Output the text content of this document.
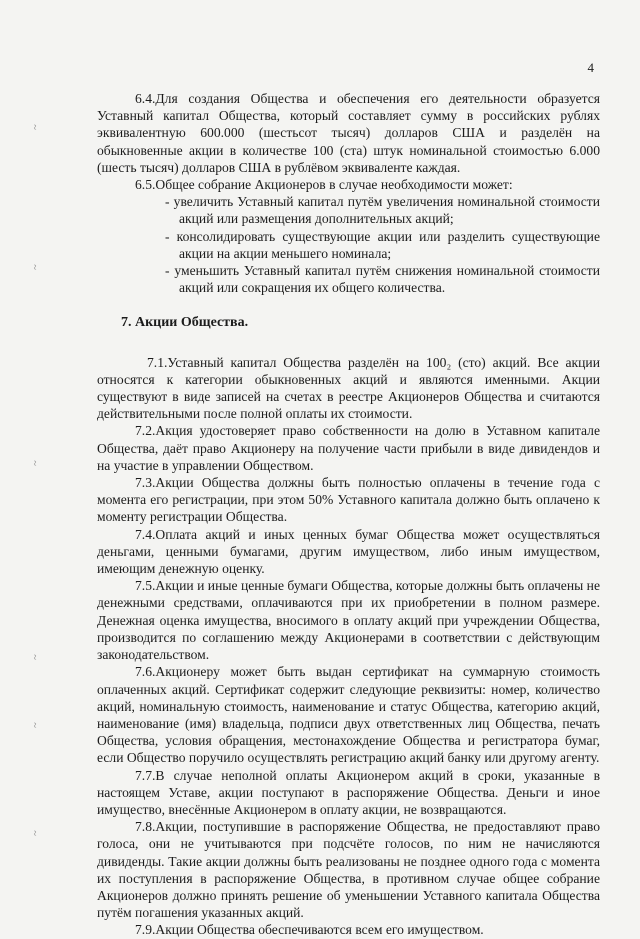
4
~
~
~
~
~
~

6.4.Для создания Общества и обеспечения его деятельности образуется Уставный капитал Общества, который составляет сумму в российских рублях эквивалентную 600.000 (шестьсот тысяч) долларов США и разделён на обыкновенные акции в количестве 100 (ста) штук номинальной стоимостью 6.000 (шесть тысяч) долларов США в рублёвом эквиваленте каждая.

6.5.Общее собрание Акционеров в случае необходимости может:

- увеличить Уставный капитал путём увеличения номинальной стоимости акций или размещения дополнительных акций;
- консолидировать существующие акции или разделить существующие акции на акции меньшего номинала;
- уменьшить Уставный капитал путём снижения номинальной стоимости акций или сокращения их общего количества.
7. Акции Общества.

7.1.Уставный капитал Общества разделён на 100₂ (сто) акций. Все акции относятся к категории обыкновенных акций и являются именными. Акции существуют в виде записей на счетах в реестре Акционеров Общества и считаются действительными после полной оплаты их стоимости.

7.2.Акция удостоверяет право собственности на долю в Уставном капитале Общества, даёт право Акционеру на получение части прибыли в виде дивидендов и на участие в управлении Обществом.

7.3.Акции Общества должны быть полностью оплачены в течение года с момента его регистрации, при этом 50% Уставного капитала должно быть оплачено к моменту регистрации Общества.

7.4.Оплата акций и иных ценных бумаг Общества может осуществляться деньгами, ценными бумагами, другим имуществом, либо иным имуществом, имеющим денежную оценку.

7.5.Акции и иные ценные бумаги Общества, которые должны быть оплачены не денежными средствами, оплачиваются при их приобретении в полном размере. Денежная оценка имущества, вносимого в оплату акций при учреждении Общества, производится по соглашению между Акционерами в соответствии с действующим законодательством.

7.6.Акционеру может быть выдан сертификат на суммарную стоимость оплаченных акций. Сертификат содержит следующие реквизиты: номер, количество акций, номинальную стоимость, наименование и статус Общества, категорию акций, наименование (имя) владельца, подписи двух ответственных лиц Общества, печать Общества, условия обращения, местонахождение Общества и регистратора бумаг, если Общество поручило осуществлять регистрацию акций банку или другому агенту.

7.7.В случае неполной оплаты Акционером акций в сроки, указанные в настоящем Уставе, акции поступают в распоряжение Общества. Деньги и иное имущество, внесённые Акционером в оплату акции, не возвращаются.

7.8.Акции, поступившие в распоряжение Общества, не предоставляют право голоса, они не учитываются при подсчёте голосов, по ним не начисляются дивиденды. Такие акции должны быть реализованы не позднее одного года с момента их поступления в распоряжение Общества, в противном случае общее собрание Акционеров должно принять решение об уменьшении Уставного капитала Общества путём погашения указанных акций.

7.9.Акции Общества обеспечиваются всем его имуществом.
